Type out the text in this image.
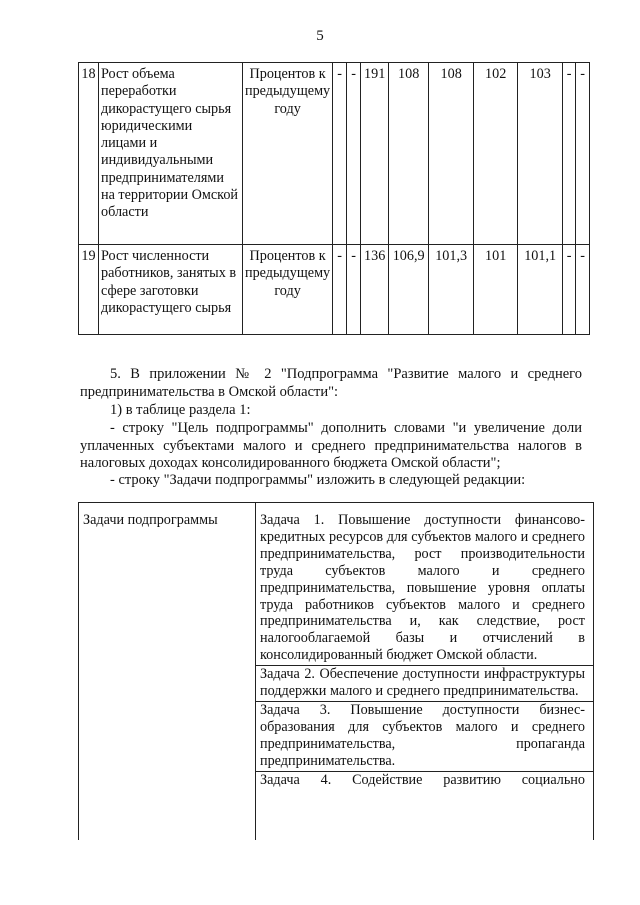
5
18	Рост объема переработки дикорастущего сырья юридическими лицами и индивидуальными предпринимателями на территории Омской области	Процентов к предыдущему году	-	-	191	108	108	102	103	-	-
19	Рост численности работников, занятых в сфере заготовки дикорастущего сырья	Процентов к предыдущему году	-	-	136	106,9	101,3	101	101,1	-	-
5. В приложении № 2 "Подпрограмма "Развитие малого и среднего предпринимательства в Омской области":
1) в таблице раздела 1:
- строку "Цель подпрограммы" дополнить словами "и увеличение доли уплаченных субъектами малого и среднего предпринимательства налогов в налоговых доходах консолидированного бюджета Омской области";
- строку "Задачи подпрограммы" изложить в следующей редакции:
Задачи подпрограммы	Задача 1. Повышение доступности финансово-кредитных ресурсов для субъектов малого и среднего предпринимательства, рост производительности труда субъектов малого и среднего предпринимательства, повышение уровня оплаты труда работников субъектов малого и среднего предпринимательства и, как следствие, рост налогооблагаемой базы и отчислений в консолидированный бюджет Омской области.
Задача 2. Обеспечение доступности инфраструктуры поддержки малого и среднего предпринимательства.
Задача 3. Повышение доступности бизнес-образования для субъектов малого и среднего предпринимательства, пропаганда предпринимательства.
Задача 4. Содействие развитию социально
